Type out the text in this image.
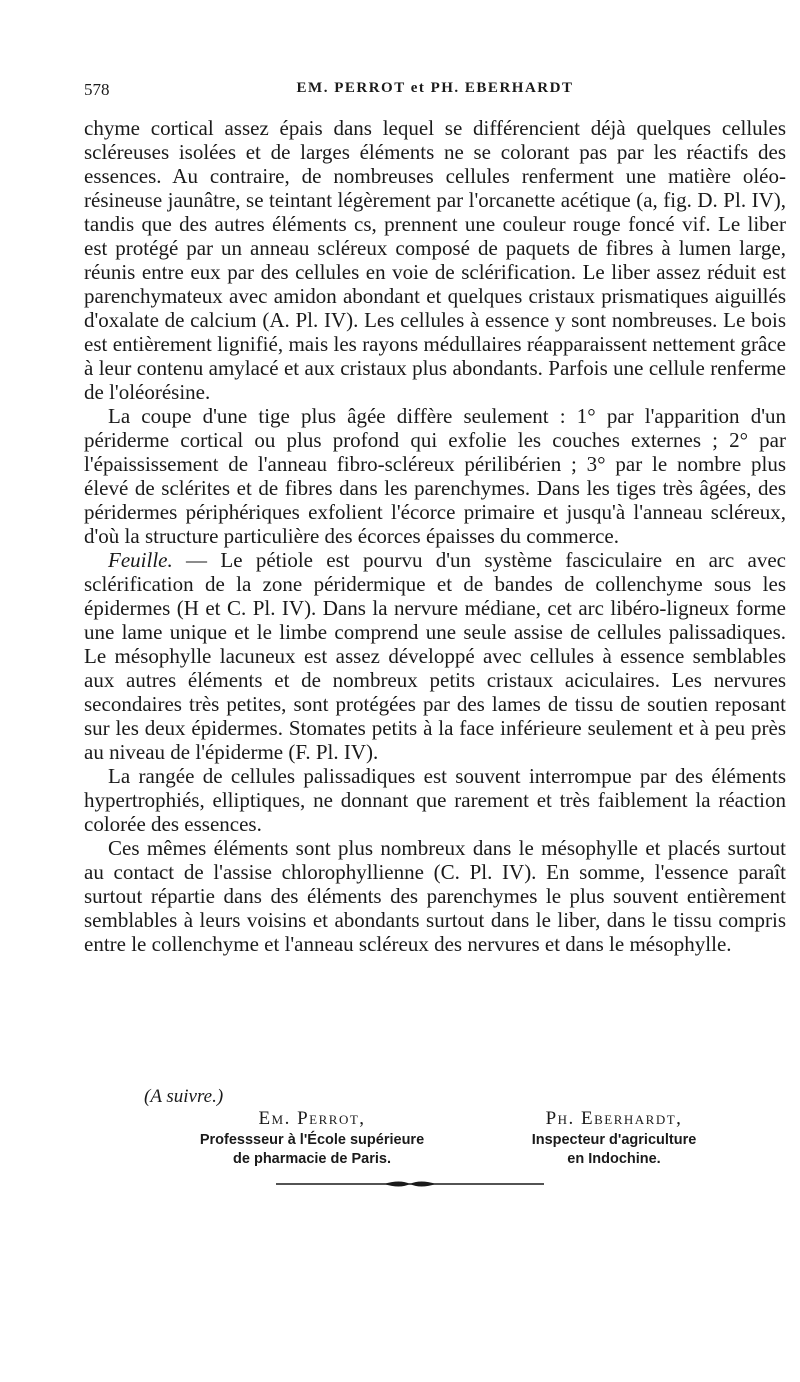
578	EM. PERROT et PH. EBERHARDT

chyme cortical assez épais dans lequel se différencient déjà quelques cellules scléreuses isolées et de larges éléments ne se colorant pas par les réactifs des essences. Au contraire, de nombreuses cellules renferment une matière oléo-résineuse jaunâtre, se teintant légèrement par l'orcanette acétique (a, fig. D. Pl. IV), tandis que des autres éléments cs, prennent une couleur rouge foncé vif. Le liber est protégé par un anneau scléreux composé de paquets de fibres à lumen large, réunis entre eux par des cellules en voie de sclérification. Le liber assez réduit est parenchymateux avec amidon abondant et quelques cristaux prismatiques aiguillés d'oxalate de calcium (A. Pl. IV). Les cellules à essence y sont nombreuses. Le bois est entièrement lignifié, mais les rayons médullaires réapparaissent nettement grâce à leur contenu amylacé et aux cristaux plus abondants. Parfois une cellule renferme de l'oléorésine.

La coupe d'une tige plus âgée diffère seulement : 1° par l'apparition d'un périderme cortical ou plus profond qui exfolie les couches externes ; 2° par l'épaississement de l'anneau fibro-scléreux périlibérien ; 3° par le nombre plus élevé de sclérites et de fibres dans les parenchymes. Dans les tiges très âgées, des péridermes périphériques exfolient l'écorce primaire et jusqu'à l'anneau scléreux, d'où la structure particulière des écorces épaisses du commerce.

Feuille. — Le pétiole est pourvu d'un système fasciculaire en arc avec sclérification de la zone péridermique et de bandes de collenchyme sous les épidermes (H et C. Pl. IV). Dans la nervure médiane, cet arc libéro-ligneux forme une lame unique et le limbe comprend une seule assise de cellules palissadiques. Le mésophylle lacuneux est assez développé avec cellules à essence semblables aux autres éléments et de nombreux petits cristaux aciculaires. Les nervures secondaires très petites, sont protégées par des lames de tissu de soutien reposant sur les deux épidermes. Stomates petits à la face inférieure seulement et à peu près au niveau de l'épiderme (F. Pl. IV).

La rangée de cellules palissadiques est souvent interrompue par des éléments hypertrophiés, elliptiques, ne donnant que rarement et très faiblement la réaction colorée des essences.

Ces mêmes éléments sont plus nombreux dans le mésophylle et placés surtout au contact de l'assise chlorophyllienne (C. Pl. IV). En somme, l'essence paraît surtout répartie dans des éléments des parenchymes le plus souvent entièrement semblables à leurs voisins et abondants surtout dans le liber, dans le tissu compris entre le collenchyme et l'anneau scléreux des nervures et dans le mésophylle.

(A suivre.)
Em. Perrot,
Professseur à l'École supérieure
de pharmacie de Paris.
Ph. Eberhardt,
Inspecteur d'agriculture
en Indochine.
